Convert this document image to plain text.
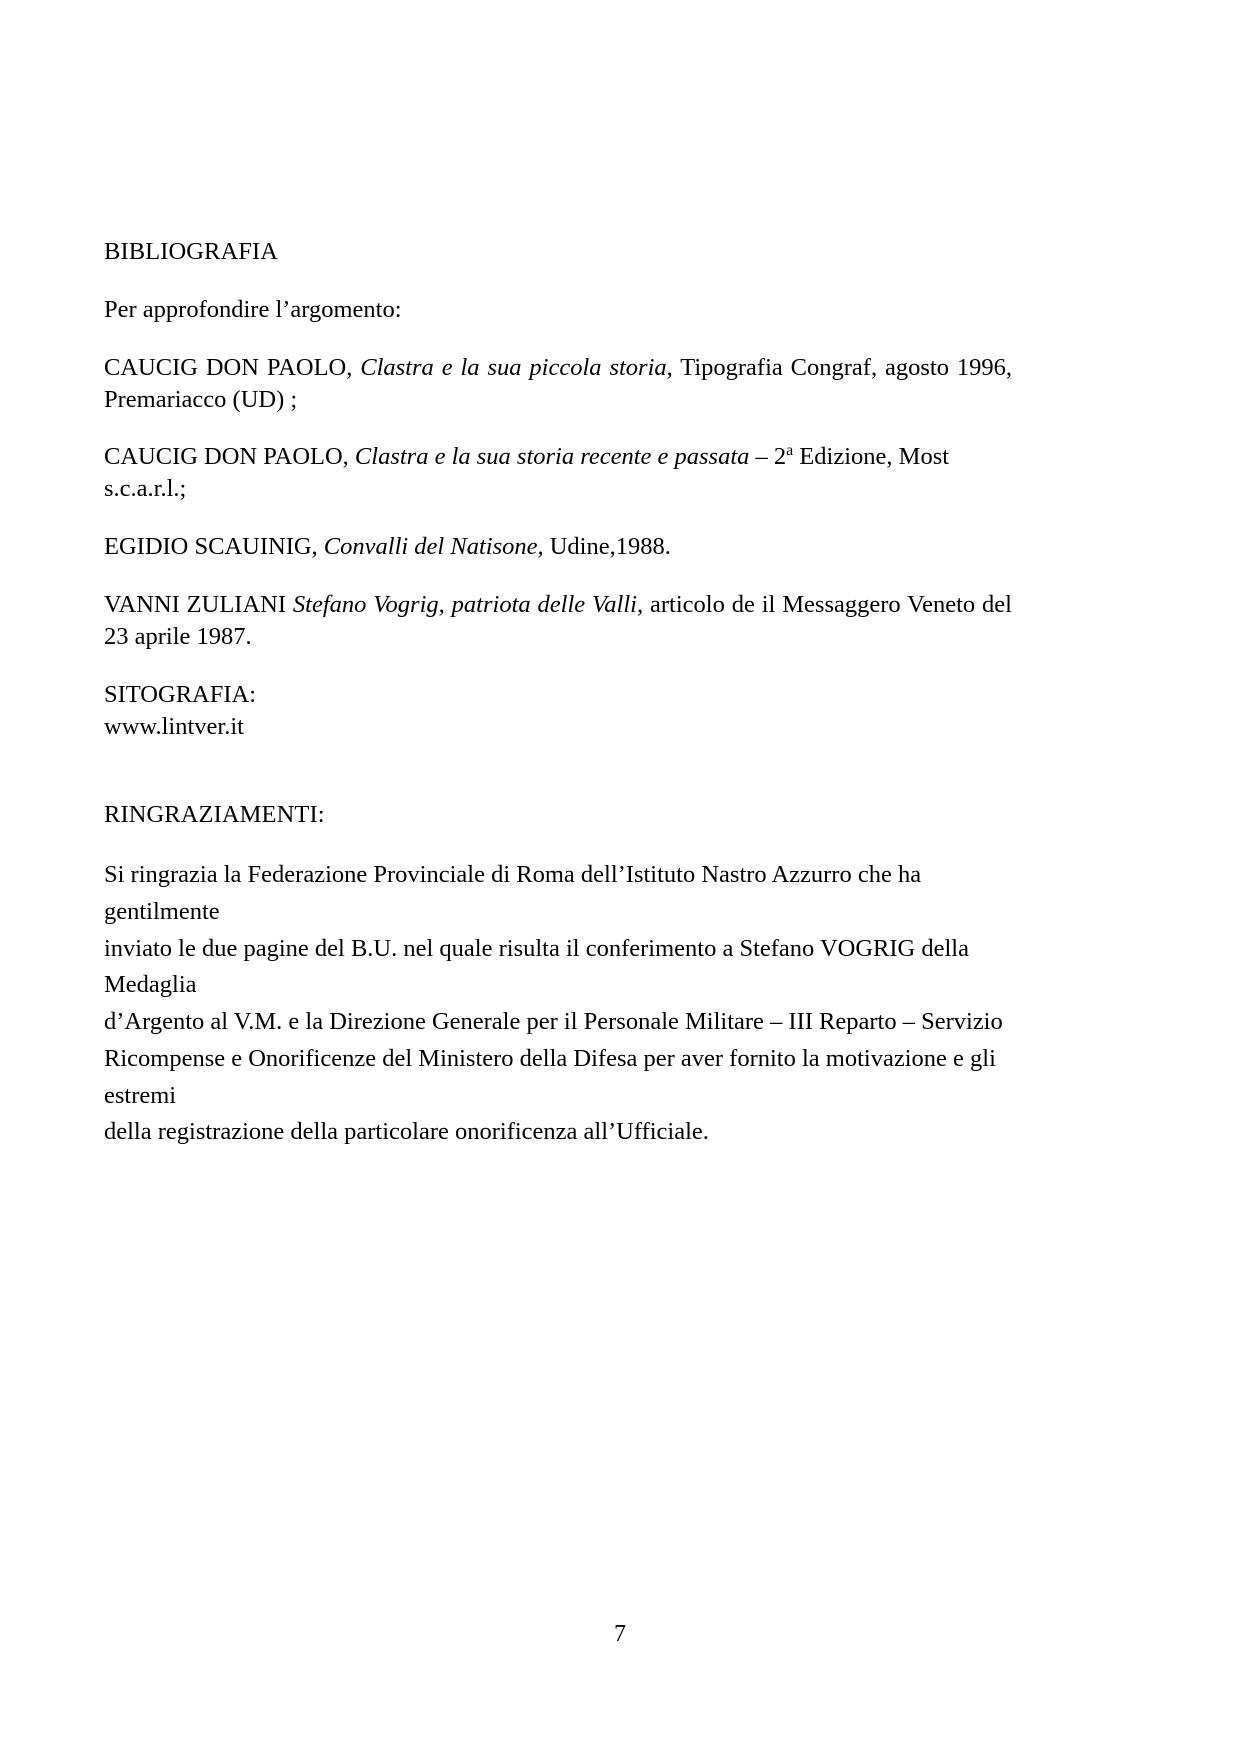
BIBLIOGRAFIA

Per approfondire l’argomento:

CAUCIG DON PAOLO, Clastra e la sua piccola storia, Tipografia Congraf, agosto 1996, Premariacco (UD) ;

CAUCIG DON PAOLO, Clastra e la sua storia recente e passata – 2$^a$ Edizione, Most s.c.a.r.l.;

EGIDIO SCAUINIG, Convalli del Natisone, Udine,1988.

VANNI ZULIANI Stefano Vogrig, patriota delle Valli, articolo de il Messaggero Veneto del 23 aprile 1987.

SITOGRAFIA:

www.lintver.it

RINGRAZIAMENTI:

Si ringrazia la Federazione Provinciale di Roma dell’Istituto Nastro Azzurro che ha gentilmente

inviato le due pagine del B.U. nel quale risulta il conferimento a Stefano VOGRIG della Medaglia

d’Argento al V.M. e la Direzione Generale per il Personale Militare – III Reparto – Servizio

Ricompense e Onorificenze del Ministero della Difesa per aver fornito la motivazione e gli estremi

della registrazione della particolare onorificenza all’Ufficiale.

7
